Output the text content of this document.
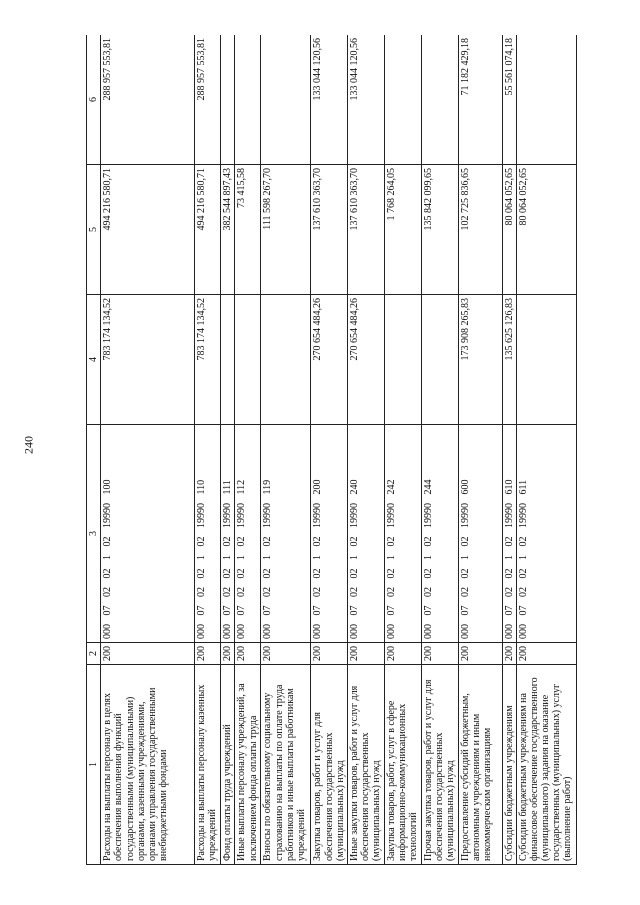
240
1	2	3	4	5	6
Расходы на выплаты персоналу в целях обеспечения выполнения функций государственными (муниципальными) органами, казенными учреждениями, органами управления государственными внебюджетными фондами	200	000 07 02 02 1 02 19990 100	783 174 134,52	494 216 580,71	288 957 553,81
Расходы на выплаты персоналу казенных учреждений	200	000 07 02 02 1 02 19990 110	783 174 134,52	494 216 580,71	288 957 553,81
Фонд оплаты труда учреждений	200	000 07 02 02 1 02 19990 111		382 544 897,43	
Иные выплаты персоналу учреждений, за исключением фонда оплаты труда	200	000 07 02 02 1 02 19990 112		73 415,58	
Взносы по обязательному социальному страхованию на выплаты по оплате труда работников и иные выплаты работникам учреждений	200	000 07 02 02 1 02 19990 119		111 598 267,70	
Закупка товаров, работ и услуг для обеспечения государственных (муниципальных) нужд	200	000 07 02 02 1 02 19990 200	270 654 484,26	137 610 363,70	133 044 120,56
Иные закупки товаров, работ и услуг для обеспечения государственных (муниципальных) нужд	200	000 07 02 02 1 02 19990 240	270 654 484,26	137 610 363,70	133 044 120,56
Закупка товаров, работ, услуг в сфере информационно-коммуникационных технологий	200	000 07 02 02 1 02 19990 242		1 768 264,05	
Прочая закупка товаров, работ и услуг для обеспечения государственных (муниципальных) нужд	200	000 07 02 02 1 02 19990 244		135 842 099,65	
Предоставление субсидий бюджетным, автономным учреждениям и иным некоммерческим организациям	200	000 07 02 02 1 02 19990 600	173 908 265,83	102 725 836,65	71 182 429,18
Субсидии бюджетным учреждениям	200	000 07 02 02 1 02 19990 610	135 625 126,83	80 064 052,65	55 561 074,18
Субсидии бюджетным учреждениям на финансовое обеспечение государственного (муниципального) задания на оказание государственных (муниципальных) услуг (выполнение работ)	200	000 07 02 02 1 02 19990 611		80 064 052,65	
